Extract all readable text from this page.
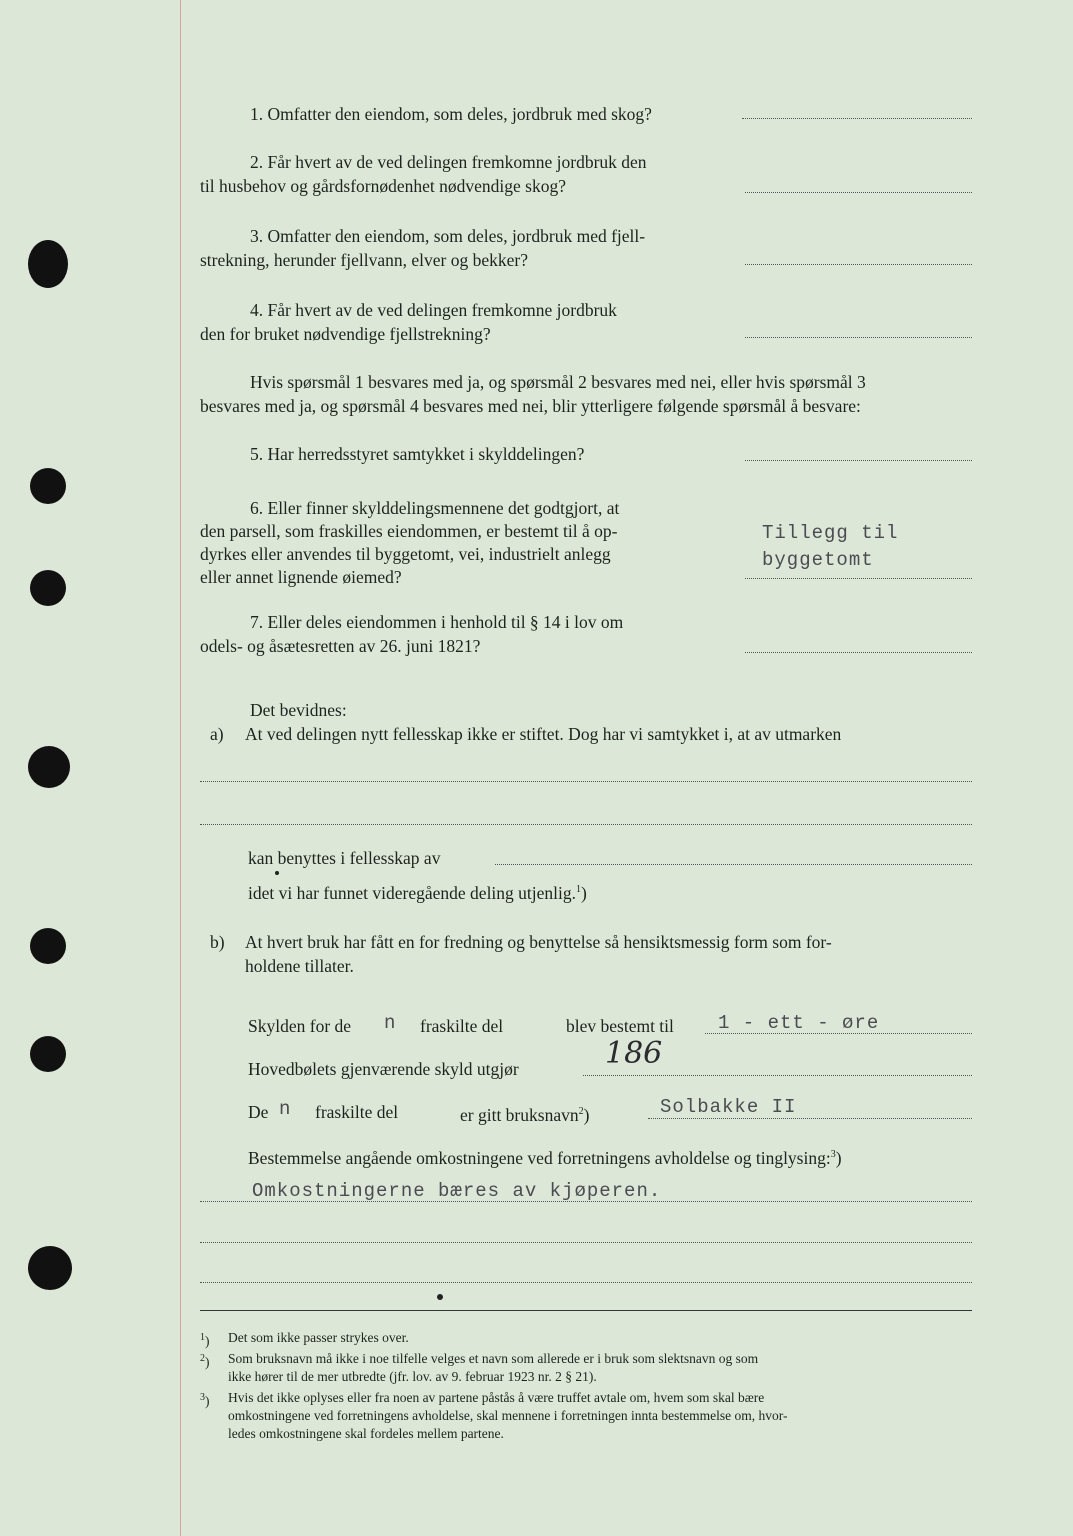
1. Omfatter den eiendom, som deles, jordbruk med skog?
2. Får hvert av de ved delingen fremkomne jordbruk den
til husbehov og gårdsfornødenhet nødvendige skog?
3. Omfatter den eiendom, som deles, jordbruk med fjell-
strekning, herunder fjellvann, elver og bekker?
4. Får hvert av de ved delingen fremkomne jordbruk
den for bruket nødvendige fjellstrekning?
Hvis spørsmål 1 besvares med ja, og spørsmål 2 besvares med nei, eller hvis spørsmål 3
besvares med ja, og spørsmål 4 besvares med nei, blir ytterligere følgende spørsmål å besvare:
5. Har herredsstyret samtykket i skylddelingen?
6. Eller finner skylddelingsmennene det godtgjort, at
den parsell, som fraskilles eiendommen, er bestemt til å op-
dyrkes eller anvendes til byggetomt, vei, industrielt anlegg
eller annet lignende øiemed?
Tillegg til
byggetomt
7. Eller deles eiendommen i henhold til § 14 i lov om
odels- og åsætesretten av 26. juni 1821?
Det bevidnes:
a) At ved delingen nytt fellesskap ikke er stiftet. Dog har vi samtykket i, at av utmarken
kan benyttes i fellesskap av
idet vi har funnet videregående deling utjenlig.$^1$)
b) At hvert bruk har fått en for fredning og benyttelse så hensiktsmessig form som for-
holdene tillater.
Skylden for de n fraskilte del	blev bestemt til 1 - ett - øre
Hovedbølets gjenværende skyld utgjør	186
De n fraskilte del	er gitt bruksnavn$^2$)	Solbakke II
Bestemmelse angående omkostningene ved forretningens avholdelse og tinglysing:$^3$)
Omkostningerne bæres av kjøperen.
$^1$) Det som ikke passer strykes over.
$^2$) Som bruksnavn må ikke i noe tilfelle velges et navn som allerede er i bruk som slektsnavn og som
ikke hører til de mer utbredte (jfr. lov. av 9. februar 1923 nr. 2 § 21).
$^3$) Hvis det ikke oplyses eller fra noen av partene påstås å være truffet avtale om, hvem som skal bære
omkostningene ved forretningens avholdelse, skal mennene i forretningen innta bestemmelse om, hvor-
ledes omkostningene skal fordeles mellem partene.
